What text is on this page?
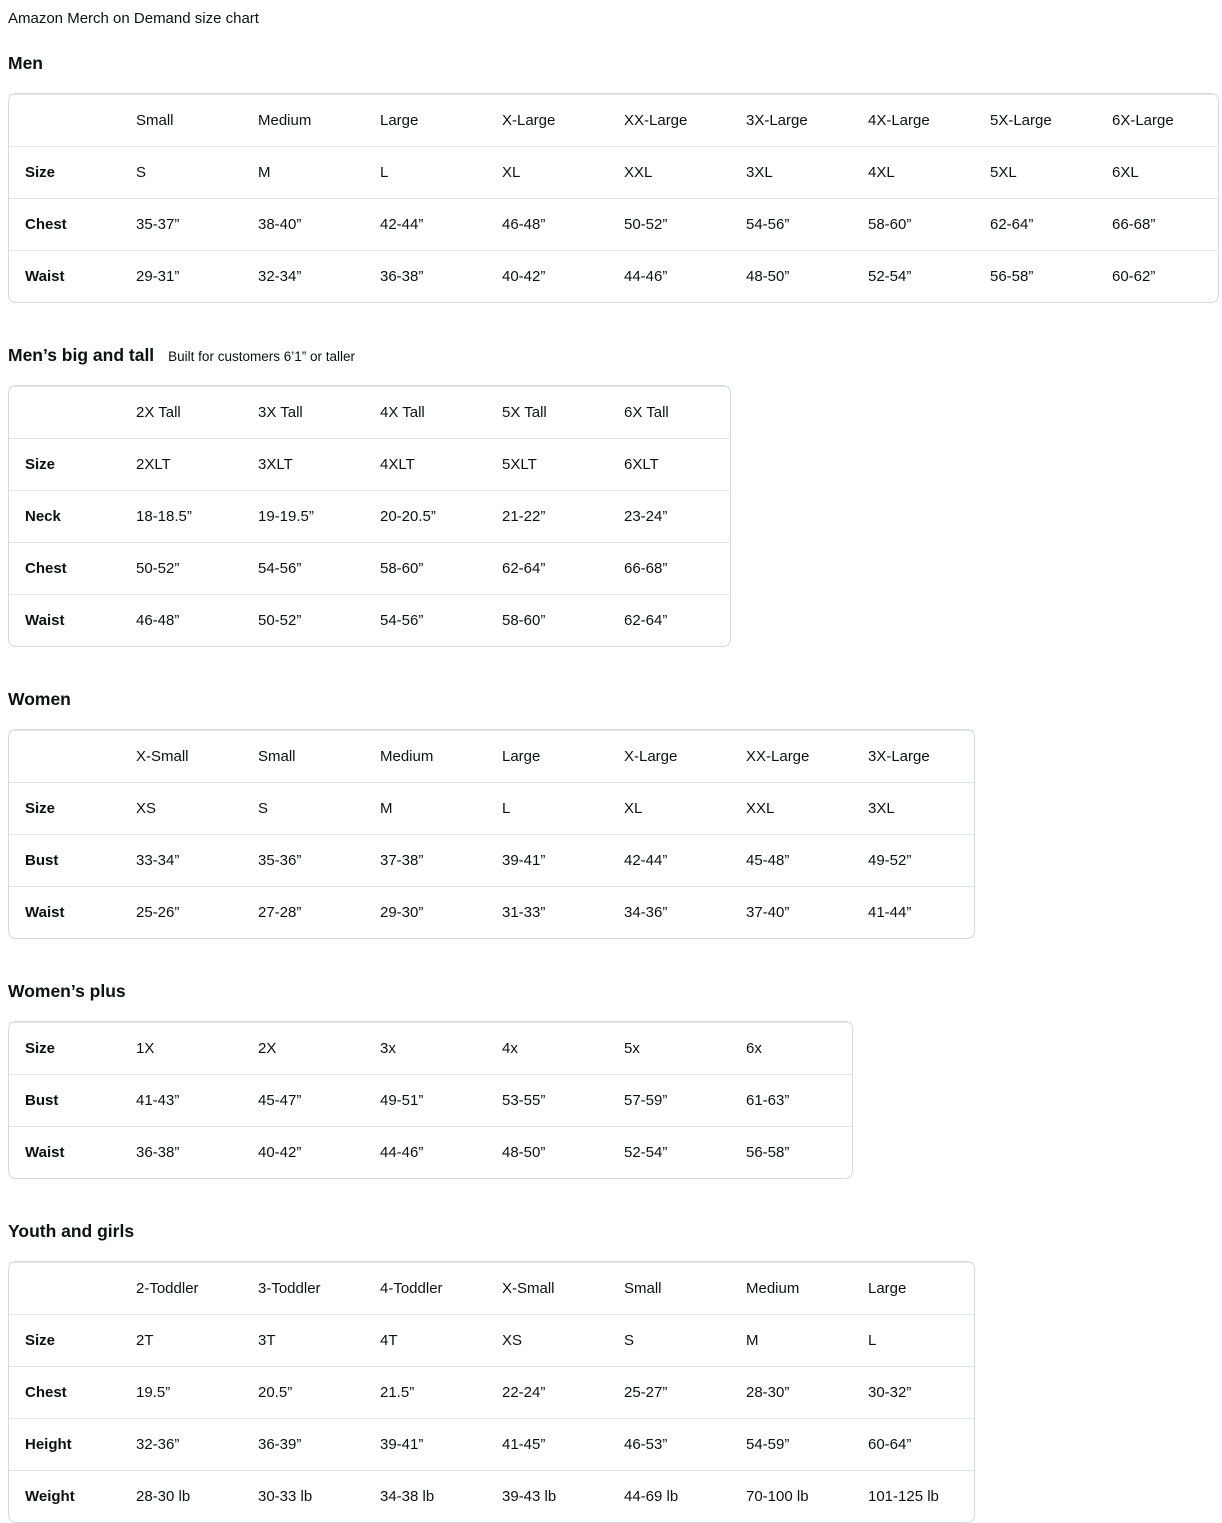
Amazon Merch on Demand size chart
Men
	Small	Medium	Large	X-Large	XX-Large	3X-Large	4X-Large	5X-Large	6X-Large
Size	S	M	L	XL	XXL	3XL	4XL	5XL	6XL
Chest	35-37”	38-40”	42-44”	46-48”	50-52”	54-56”	58-60”	62-64”	66-68”
Waist	29-31”	32-34”	36-38”	40-42”	44-46”	48-50”	52-54”	56-58”	60-62”
Men’s big and tall Built for customers 6’1” or taller
	2X Tall	3X Tall	4X Tall	5X Tall	6X Tall
Size	2XLT	3XLT	4XLT	5XLT	6XLT
Neck	18-18.5”	19-19.5”	20-20.5”	21-22”	23-24”
Chest	50-52”	54-56”	58-60”	62-64”	66-68”
Waist	46-48”	50-52”	54-56”	58-60”	62-64”
Women
	X-Small	Small	Medium	Large	X-Large	XX-Large	3X-Large
Size	XS	S	M	L	XL	XXL	3XL
Bust	33-34”	35-36”	37-38”	39-41”	42-44”	45-48”	49-52”
Waist	25-26”	27-28”	29-30”	31-33”	34-36”	37-40”	41-44”
Women’s plus
Size	1X	2X	3x	4x	5x	6x
Bust	41-43”	45-47”	49-51”	53-55”	57-59”	61-63”
Waist	36-38”	40-42”	44-46”	48-50”	52-54”	56-58”
Youth and girls
	2-Toddler	3-Toddler	4-Toddler	X-Small	Small	Medium	Large
Size	2T	3T	4T	XS	S	M	L
Chest	19.5”	20.5”	21.5”	22-24”	25-27”	28-30”	30-32”
Height	32-36”	36-39”	39-41”	41-45”	46-53”	54-59”	60-64”
Weight	28-30 lb	30-33 lb	34-38 lb	39-43 lb	44-69 lb	70-100 lb	101-125 lb
